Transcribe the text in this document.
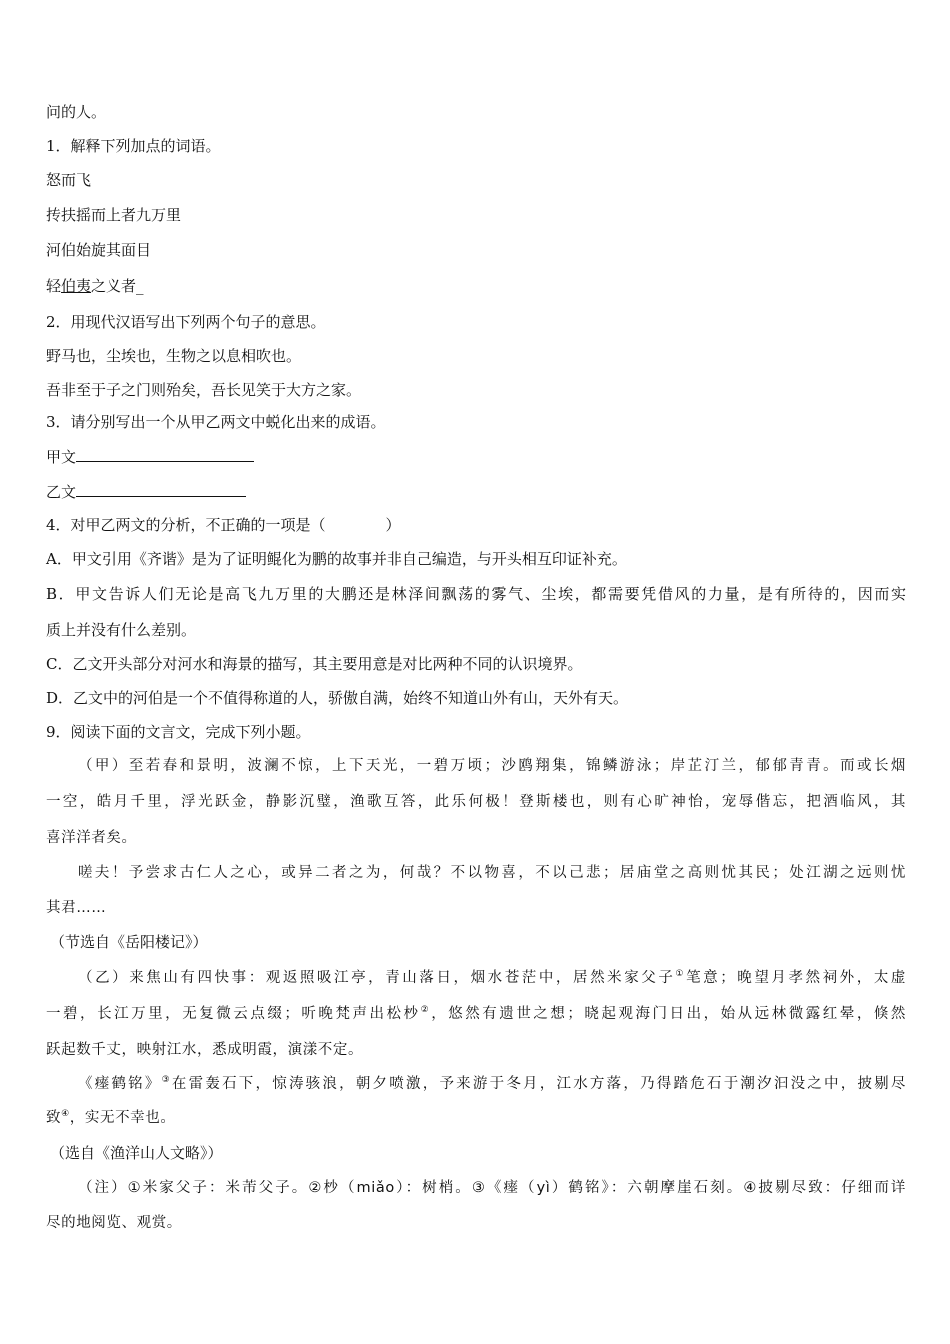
问的人。
1．解释下列加点的词语。
怒而飞
抟扶摇而上者九万里
河伯始旋其面目
轻伯夷之义者_
2．用现代汉语写出下列两个句子的意思。
野马也，尘埃也，生物之以息相吹也。
吾非至于子之门则殆矣，吾长见笑于大方之家。
3．请分别写出一个从甲乙两文中蜕化出来的成语。
甲文
乙文
4．对甲乙两文的分析，不正确的一项是（　　　　）
A．甲文引用《齐谐》是为了证明鲲化为鹏的故事并非自己编造，与开头相互印证补充。
B．甲文告诉人们无论是高飞九万里的大鹏还是林泽间飘荡的雾气、尘埃，都需要凭借风的力量，是有所待的，因而实
质上并没有什么差别。
C．乙文开头部分对河水和海景的描写，其主要用意是对比两种不同的认识境界。
D．乙文中的河伯是一个不值得称道的人，骄傲自满，始终不知道山外有山，天外有天。
9．阅读下面的文言文，完成下列小题。
（甲）至若春和景明，波澜不惊，上下天光，一碧万顷；沙鸥翔集，锦鳞游泳；岸芷汀兰，郁郁青青。而或长烟
一空，皓月千里，浮光跃金，静影沉璧，渔歌互答，此乐何极！登斯楼也，则有心旷神怡，宠辱偕忘，把酒临风，其
喜洋洋者矣。
嗟夫！予尝求古仁人之心，或异二者之为，何哉？不以物喜，不以己悲；居庙堂之高则忧其民；处江湖之远则忧
其君……
（节选自《岳阳楼记》）
（乙）来焦山有四快事：观返照吸江亭，青山落日，烟水苍茫中，居然米家父子①笔意；晚望月孝然祠外，太虚
一碧，长江万里，无复微云点缀；听晚梵声出松杪②，悠然有遗世之想；晓起观海门日出，始从远林微露红晕，倏然
跃起数千丈，映射江水，悉成明霞，演漾不定。
《瘗鹤铭》③在雷轰石下，惊涛骇浪，朝夕喷激，予来游于冬月，江水方落，乃得踏危石于潮汐汩没之中，披剔尽
致④，实无不幸也。
（选自《渔洋山人文略》）
（注）①米家父子：米芾父子。②杪（miǎo）：树梢。③《瘗（yì）鹤铭》：六朝摩崖石刻。④披剔尽致：仔细而详
尽的地阅览、观赏。
